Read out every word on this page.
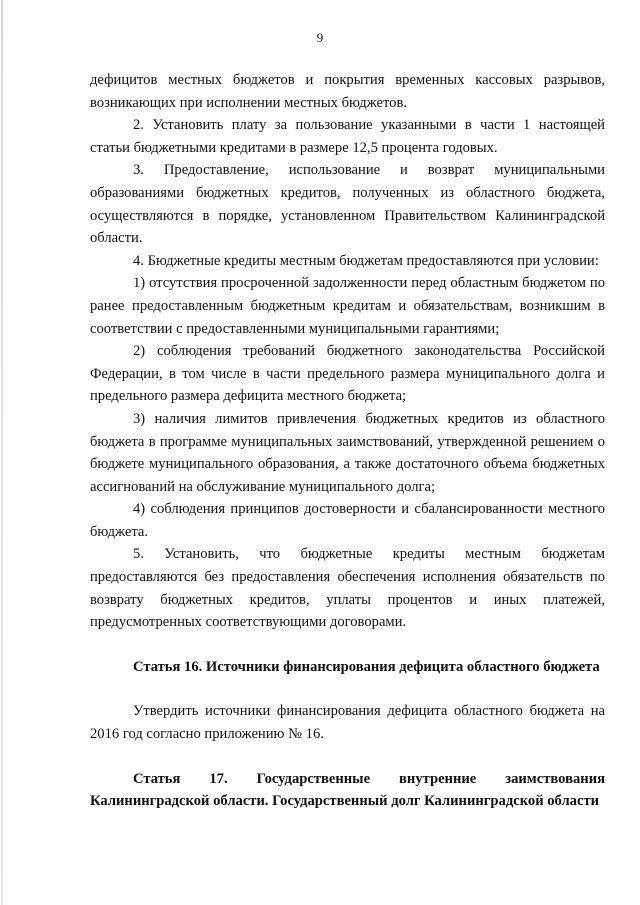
9

дефицитов местных бюджетов и покрытия временных кассовых разрывов, возникающих при исполнении местных бюджетов.

2. Установить плату за пользование указанными в части 1 настоящей статьи бюджетными кредитами в размере 12,5 процента годовых.

3. Предоставление, использование и возврат муниципальными образованиями бюджетных кредитов, полученных из областного бюджета, осуществляются в порядке, установленном Правительством Калининградской области.

4. Бюджетные кредиты местным бюджетам предоставляются при условии:

1) отсутствия просроченной задолженности перед областным бюджетом по ранее предоставленным бюджетным кредитам и обязательствам, возникшим в соответствии с предоставленными муниципальными гарантиями;

2) соблюдения требований бюджетного законодательства Российской Федерации, в том числе в части предельного размера муниципального долга и предельного размера дефицита местного бюджета;

3) наличия лимитов привлечения бюджетных кредитов из областного бюджета в программе муниципальных заимствований, утвержденной решением о бюджете муниципального образования, а также достаточного объема бюджетных ассигнований на обслуживание муниципального долга;

4) соблюдения принципов достоверности и сбалансированности местного бюджета.

5. Установить, что бюджетные кредиты местным бюджетам предоставляются без предоставления обеспечения исполнения обязательств по возврату бюджетных кредитов, уплаты процентов и иных платежей, предусмотренных соответствующими договорами.

Статья 16. Источники финансирования дефицита областного бюджета

Утвердить источники финансирования дефицита областного бюджета на 2016 год согласно приложению № 16.

Статья 17. Государственные внутренние заимствования Калининградской области. Государственный долг Калининградской области
